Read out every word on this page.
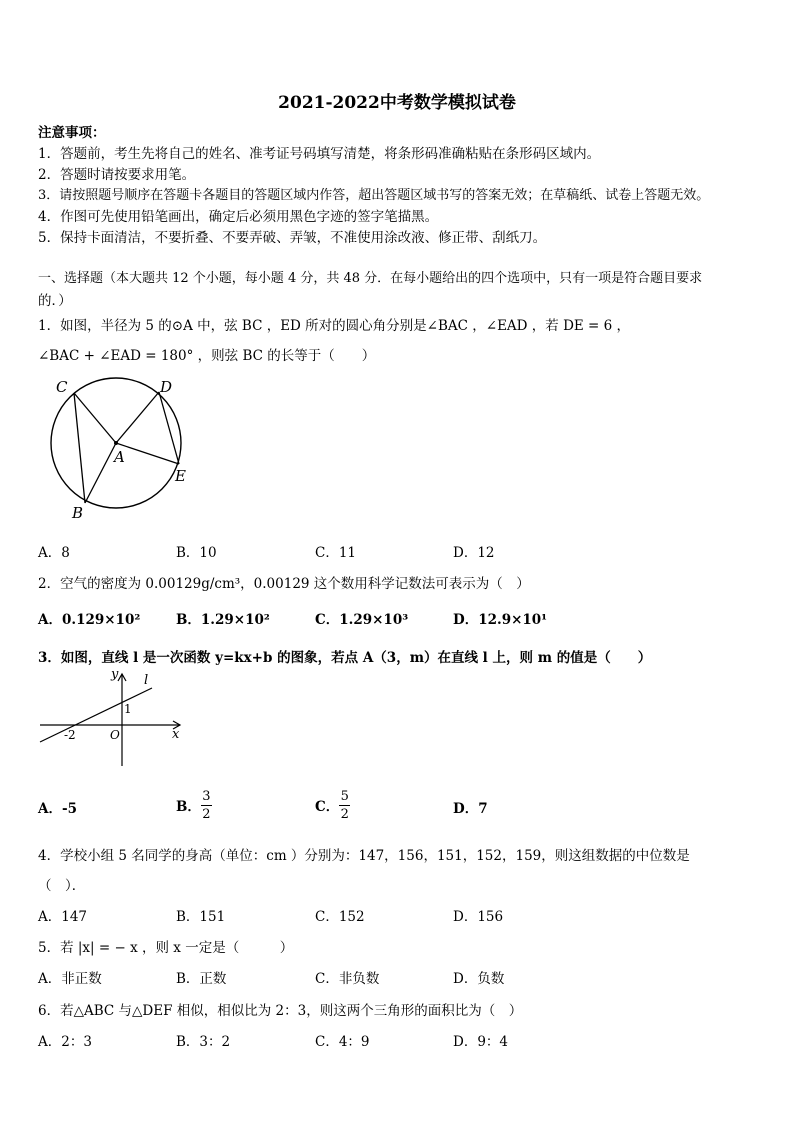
2021-2022中考数学模拟试卷
注意事项：
1．答题前，考生先将自己的姓名、准考证号码填写清楚，将条形码准确粘贴在条形码区域内。
2．答题时请按要求用笔。
3．请按照题号顺序在答题卡各题目的答题区域内作答，超出答题区域书写的答案无效；在草稿纸、试卷上答题无效。
4．作图可先使用铅笔画出，确定后必须用黑色字迹的签字笔描黑。
5．保持卡面清洁，不要折叠、不要弄破、弄皱，不准使用涂改液、修正带、刮纸刀。
一、选择题（本大题共 12 个小题，每小题 4 分，共 48 分．在每小题给出的四个选项中，只有一项是符合题目要求
的．）
1．如图，半径为 5 的⊙A 中，弦 BC ，ED 所对的圆心角分别是∠BAC ，∠EAD ，若 DE = 6 ，
∠BAC + ∠EAD = 180° ，则弦 BC 的长等于（　　）
C	D
A
E
B
A．8	B．10	C．11	D．12
2．空气的密度为 0.00129g/cm³，0.00129 这个数用科学记数法可表示为（　）
A．0.129×10²	B．1.29×10²	C．1.29×10³	D．12.9×10¹
3．如图，直线 l 是一次函数 y=kx+b 的图象，若点 A（3，m）在直线 l 上，则 m 的值是（　　）
y l
1
-2	O	x
A．-5	B． $\frac{3}{2}$	C． $\frac{5}{2}$	D．7
4．学校小组 5 名同学的身高（单位：cm ）分别为：147，156，151，152，159，则这组数据的中位数是
（　）．
A．147	B．151	C．152	D．156
5．若 |x| = − x ，则 x 一定是（　　　）
A．非正数	B．正数	C．非负数	D．负数
6．若△ABC 与△DEF 相似，相似比为 2：3，则这两个三角形的面积比为（　）
A．2：3	B．3：2	C．4：9	D．9：4
